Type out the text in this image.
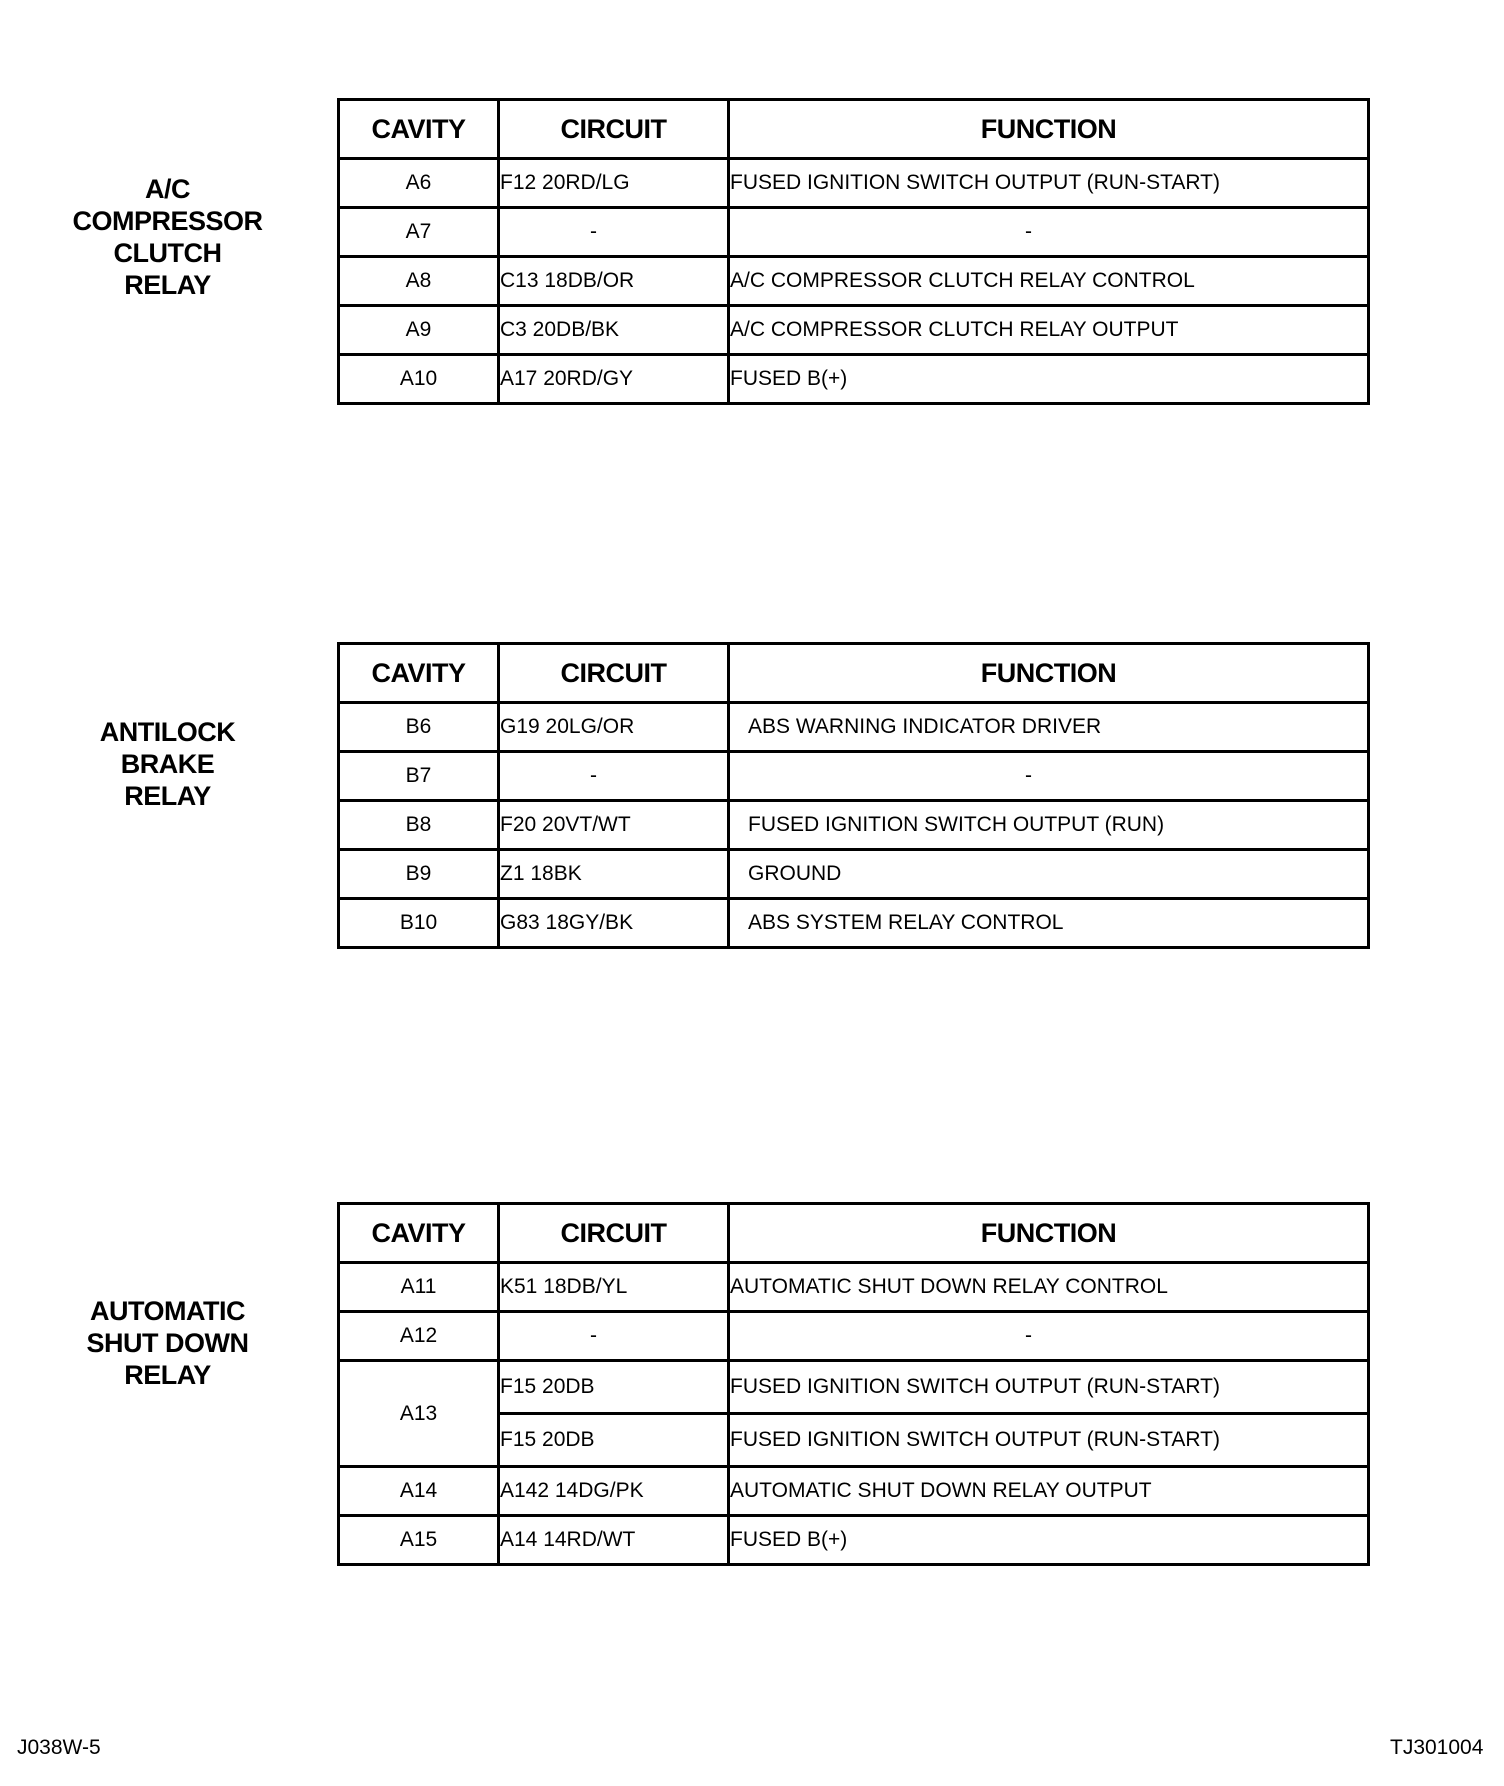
A/C
COMPRESSOR
CLUTCH
RELAY
CAVITY	CIRCUIT	FUNCTION
A6	F12 20RD/LG	FUSED IGNITION SWITCH OUTPUT (RUN-START)
A7	-	-
A8	C13 18DB/OR	A/C COMPRESSOR CLUTCH RELAY CONTROL
A9	C3 20DB/BK	A/C COMPRESSOR CLUTCH RELAY OUTPUT
A10	A17 20RD/GY	FUSED B(+)
ANTILOCK
BRAKE
RELAY
CAVITY	CIRCUIT	FUNCTION
B6	G19 20LG/OR	ABS WARNING INDICATOR DRIVER
B7	-	-
B8	F20 20VT/WT	FUSED IGNITION SWITCH OUTPUT (RUN)
B9	Z1 18BK	GROUND
B10	G83 18GY/BK	ABS SYSTEM RELAY CONTROL
AUTOMATIC
SHUT DOWN
RELAY
CAVITY	CIRCUIT	FUNCTION
A11	K51 18DB/YL	AUTOMATIC SHUT DOWN RELAY CONTROL
A12	-	-
A13	F15 20DB	FUSED IGNITION SWITCH OUTPUT (RUN-START)
	F15 20DB	FUSED IGNITION SWITCH OUTPUT (RUN-START)
A14	A142 14DG/PK	AUTOMATIC SHUT DOWN RELAY OUTPUT
A15	A14 14RD/WT	FUSED B(+)
J038W-5	TJ301004
